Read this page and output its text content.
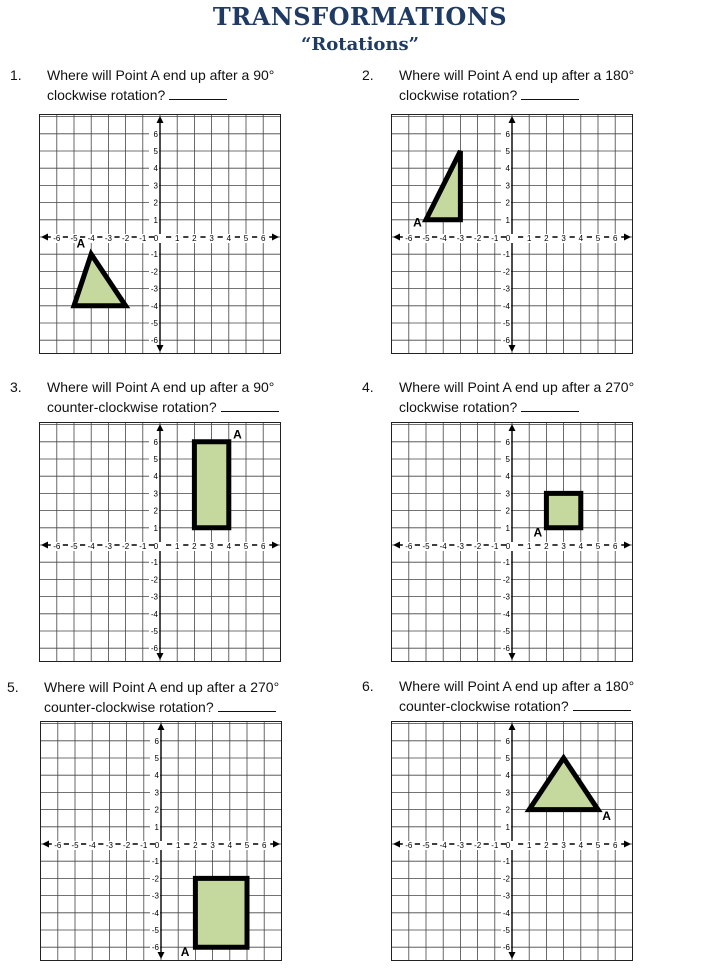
TRANSFORMATIONS
“Rotations”
1. Where will Point A end up after a 90°
clockwise rotation?
-6 -5 -4 -3 -2 -1 0 1 2 3 4 5 6
6
5
4
3
2
1
-1
-2
-3
-4
-5
-6
A
2. Where will Point A end up after a 180°
clockwise rotation?
-6 -5 -4 -3 -2 -1 0 1 2 3 4 5 6
6
5
4
3
2
1
-1
-2
-3
-4
-5
-6
A
3. Where will Point A end up after a 90°
counter-clockwise rotation?
-6 -5 -4 -3 -2 -1 0 1 2 3 4 5 6
6
5
4
3
2
1
-1
-2
-3
-4
-5
-6
A
4. Where will Point A end up after a 270°
clockwise rotation?
-6 -5 -4 -3 -2 -1 0 1 2 3 4 5 6
6
5
4
3
2
1
-1
-2
-3
-4
-5
-6
A
5. Where will Point A end up after a 270°
counter-clockwise rotation?
-6 -5 -4 -3 -2 -1 0 1 2 3 4 5 6
6
5
4
3
2
1
-1
-2
-3
-4
-5
-6 A
6. Where will Point A end up after a 180°
counter-clockwise rotation?
-6 -5 -4 -3 -2 -1 0 1 2 3 4 5 6
6
5
4
3
2
1
-1
-2
-3
-4
-5
-6
A
